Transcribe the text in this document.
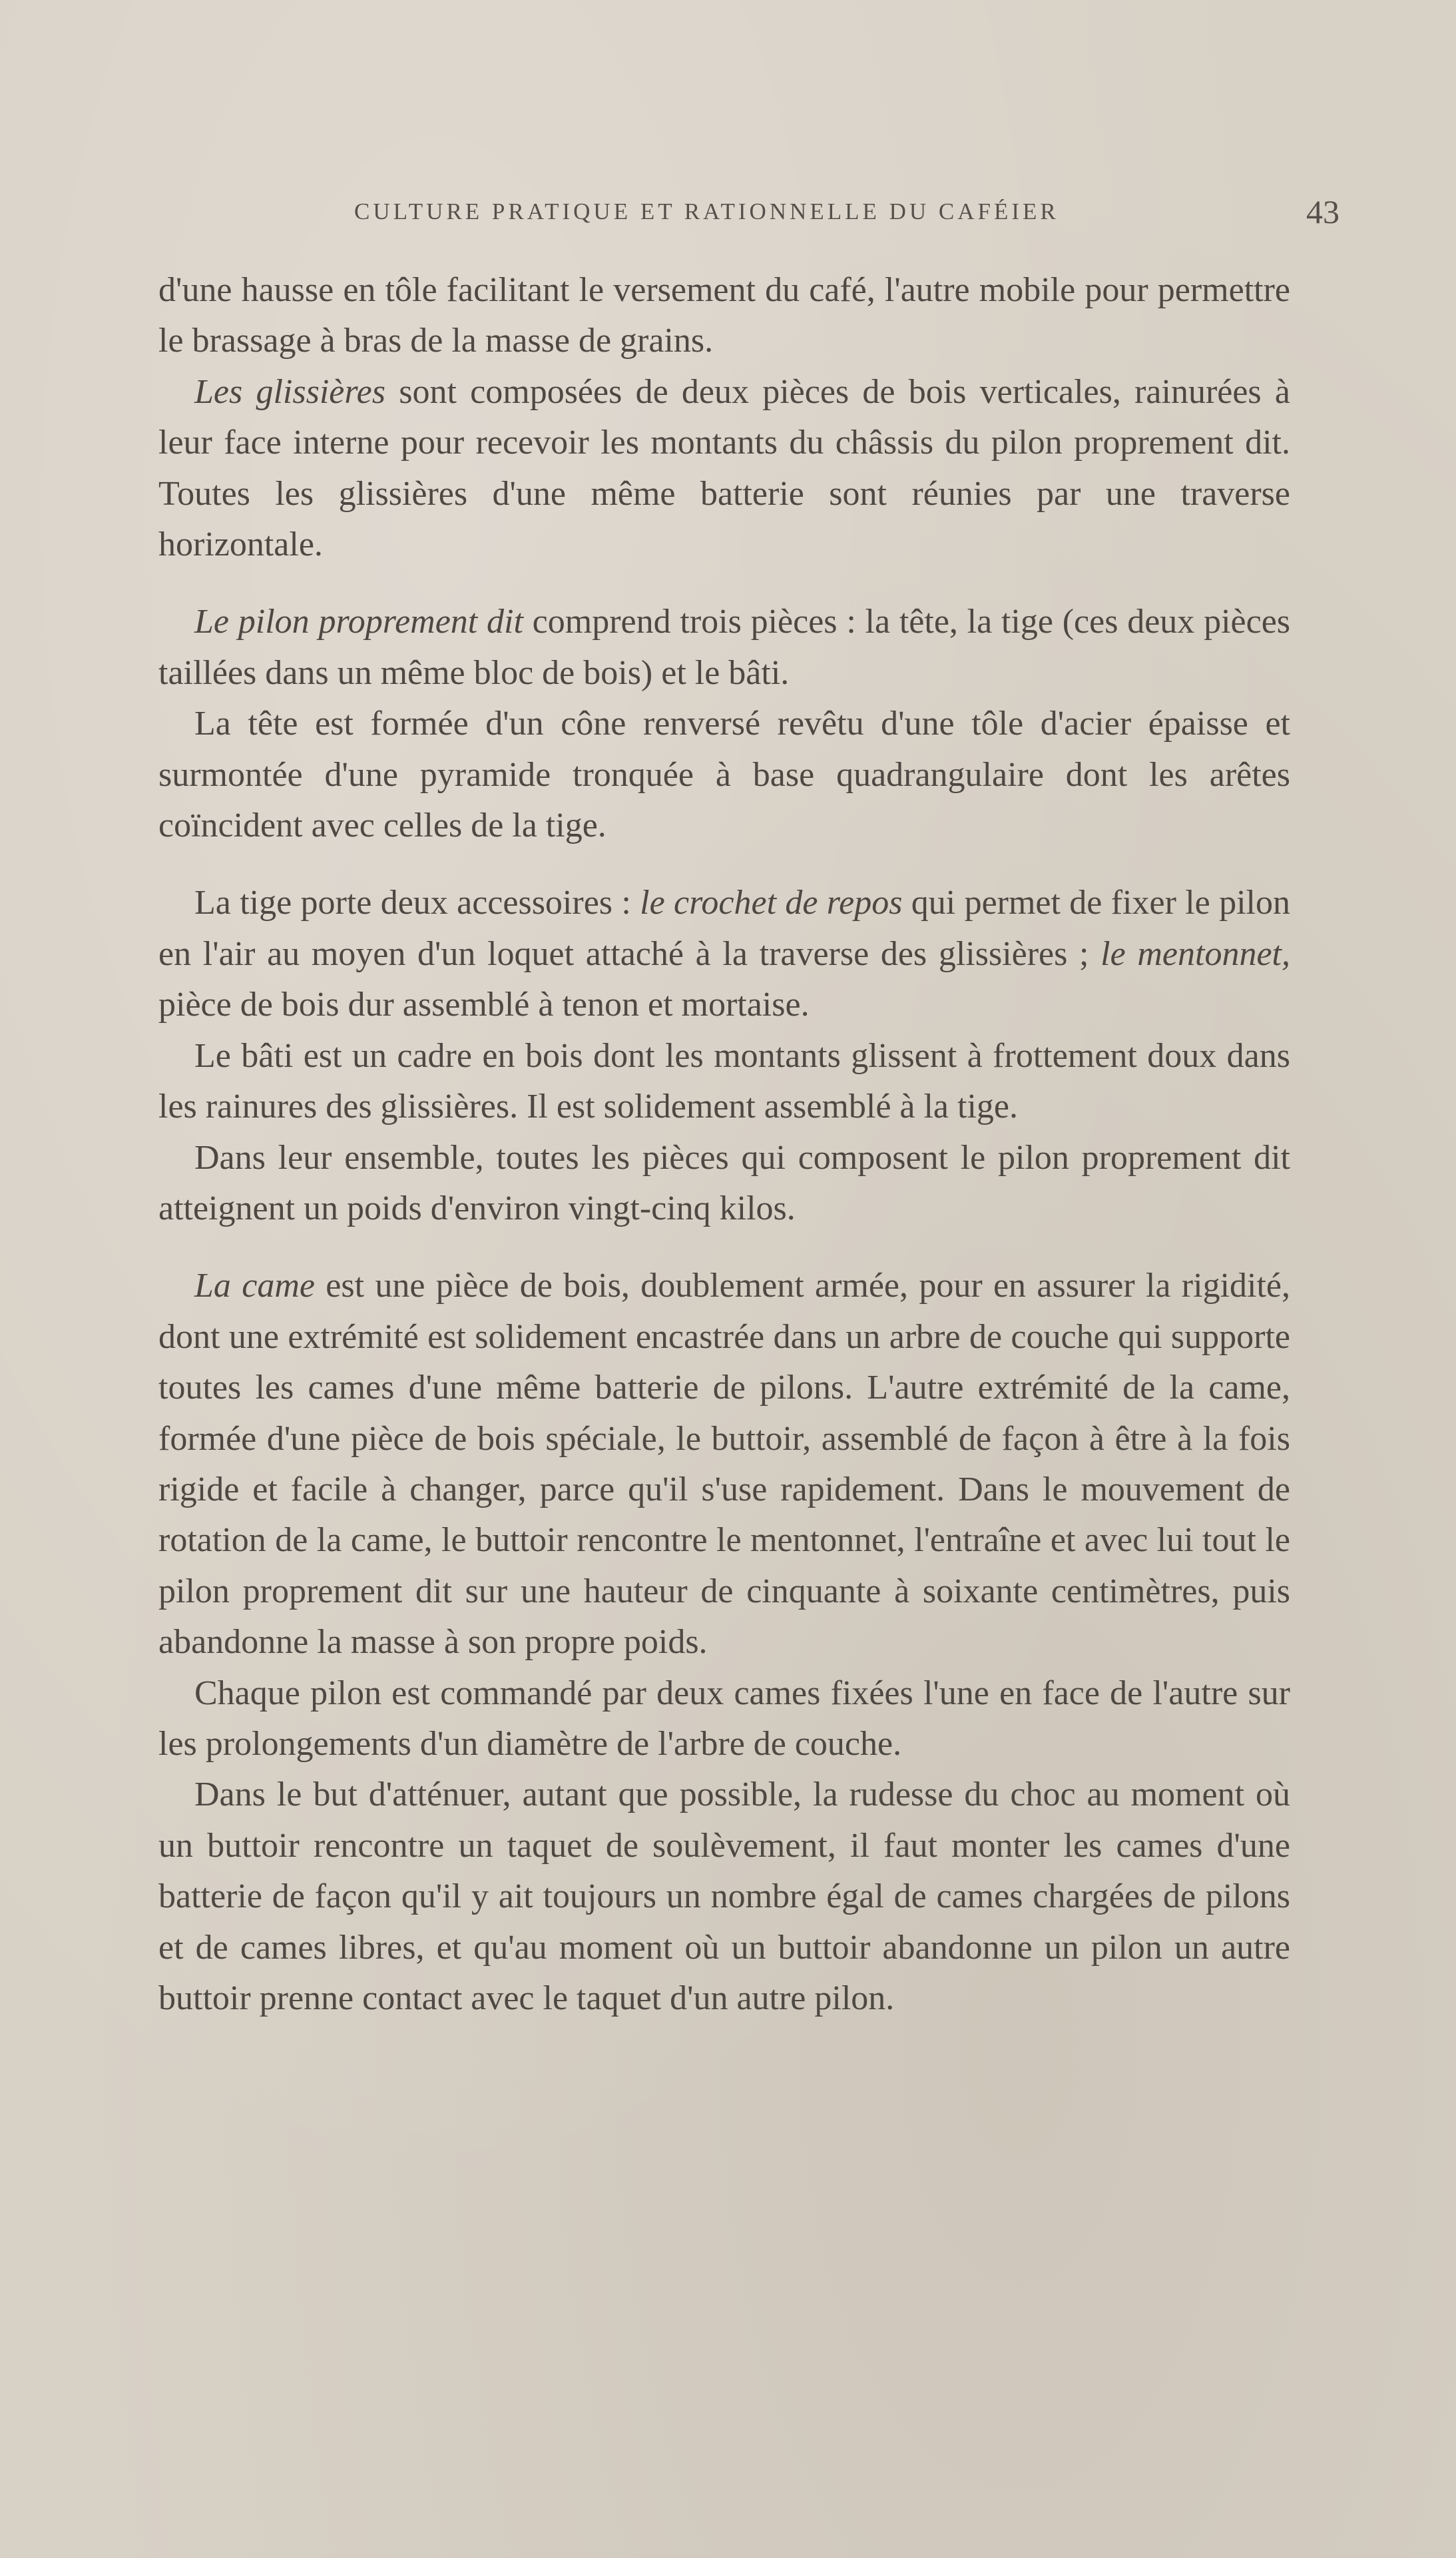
CULTURE PRATIQUE ET RATIONNELLE DU CAFÉIER	43

d'une hausse en tôle facilitant le versement du café, l'autre mobile pour permettre le brassage à bras de la masse de grains.

Les glissières sont composées de deux pièces de bois verticales, rainurées à leur face interne pour recevoir les montants du châssis du pilon proprement dit. Toutes les glissières d'une même batterie sont réunies par une traverse horizontale.

Le pilon proprement dit comprend trois pièces : la tête, la tige (ces deux pièces taillées dans un même bloc de bois) et le bâti.

La tête est formée d'un cône renversé revêtu d'une tôle d'acier épaisse et surmontée d'une pyramide tronquée à base quadrangulaire dont les arêtes coïncident avec celles de la tige.

La tige porte deux accessoires : le crochet de repos qui permet de fixer le pilon en l'air au moyen d'un loquet attaché à la traverse des glissières ; le mentonnet, pièce de bois dur assemblé à tenon et mortaise.

Le bâti est un cadre en bois dont les montants glissent à frottement doux dans les rainures des glissières. Il est solidement assemblé à la tige.

Dans leur ensemble, toutes les pièces qui composent le pilon proprement dit atteignent un poids d'environ vingt-cinq kilos.

La came est une pièce de bois, doublement armée, pour en assurer la rigidité, dont une extrémité est solidement encastrée dans un arbre de couche qui supporte toutes les cames d'une même batterie de pilons. L'autre extrémité de la came, formée d'une pièce de bois spéciale, le buttoir, assemblé de façon à être à la fois rigide et facile à changer, parce qu'il s'use rapidement. Dans le mouvement de rotation de la came, le buttoir rencontre le mentonnet, l'entraîne et avec lui tout le pilon proprement dit sur une hauteur de cinquante à soixante centimètres, puis abandonne la masse à son propre poids.

Chaque pilon est commandé par deux cames fixées l'une en face de l'autre sur les prolongements d'un diamètre de l'arbre de couche.

Dans le but d'atténuer, autant que possible, la rudesse du choc au moment où un buttoir rencontre un taquet de soulèvement, il faut monter les cames d'une batterie de façon qu'il y ait toujours un nombre égal de cames chargées de pilons et de cames libres, et qu'au moment où un buttoir abandonne un pilon un autre buttoir prenne contact avec le taquet d'un autre pilon.
